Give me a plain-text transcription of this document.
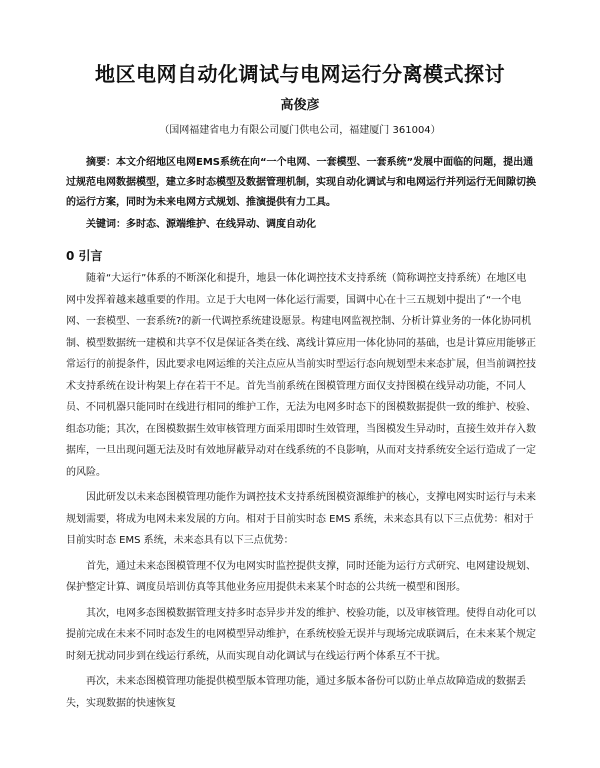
地区电网自动化调试与电网运行分离模式探讨
高俊彦
（国网福建省电力有限公司厦门供电公司，福建厦门 361004）
摘要：本文介绍地区电网EMS系统在向“一个电网、一套模型、一套系统”发展中面临的问题，提出通过规范电网数据模型，建立多时态模型及数据管理机制，实现自动化调试与和电网运行并列运行无间隙切换的运行方案，同时为未来电网方式规划、推演提供有力工具。
关键词：多时态、源端维护、在线异动、调度自动化
0 引言

随着“大运行”体系的不断深化和提升，地县一体化调控技术支持系统（简称调控支持系统）在地区电网中发挥着越来越重要的作用。立足于大电网一体化运行需要，国调中心在十三五规划中提出了“一个电网、一套模型、一套系统?的新一代调控系统建设愿景。构建电网监视控制、分析计算业务的一体化协同机制、模型数据统一建模和共享不仅是保证各类在线、离线计算应用一体化协同的基础，也是计算应用能够正常运行的前提条件，因此要求电网运维的关注点应从当前实时型运行态向规划型未来态扩展，但当前调控技术支持系统在设计构架上存在若干不足。首先当前系统在图模管理方面仅支持图模在线异动功能，不同人员、不同机器只能同时在线进行相同的维护工作，无法为电网多时态下的图模数据提供一致的维护、校验、组态功能；其次，在图模数据生效审核管理方面采用即时生效管理，当图模发生异动时，直接生效并存入数据库，一旦出现问题无法及时有效地屏蔽异动对在线系统的不良影响，从而对支持系统安全运行造成了一定的风险。

因此研发以未来态图模管理功能作为调控技术支持系统图模资源维护的核心，支撑电网实时运行与未来规划需要，将成为电网未来发展的方向。相对于目前实时态 EMS 系统，未来态具有以下三点优势：相对于目前实时态 EMS 系统，未来态具有以下三点优势：

首先，通过未来态图模管理不仅为电网实时监控提供支撑，同时还能为运行方式研究、电网建设规划、保护整定计算、调度员培训仿真等其他业务应用提供未来某个时态的公共统一模型和图形。

其次，电网多态图模数据管理支持多时态异步并发的维护、校验功能，以及审核管理。使得自动化可以提前完成在未来不同时态发生的电网模型异动维护，在系统校验无误并与现场完成联调后，在未来某个规定时刻无扰动同步到在线运行系统，从而实现自动化调试与在线运行两个体系互不干扰。

再次，未来态图模管理功能提供模型版本管理功能，通过多版本备份可以防止单点故障造成的数据丢失，实现数据的快速恢复
